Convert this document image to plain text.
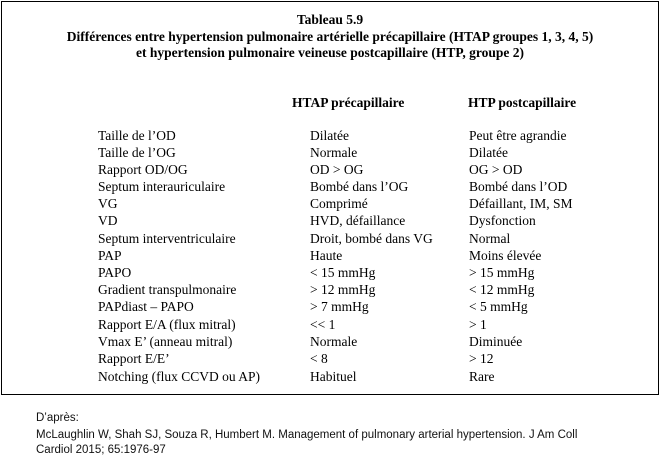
Tableau 5.9
Différences entre hypertension pulmonaire artérielle précapillaire (HTAP groupes 1, 3, 4, 5)
et hypertension pulmonaire veineuse postcapillaire (HTP, groupe 2)
HTAP précapillaire	HTP postcapillaire
Taille de l’OD	Dilatée	Peut être agrandie
Taille de l’OG	Normale	Dilatée
Rapport OD/OG	OD > OG	OG > OD
Septum interauriculaire	Bombé dans l’OG	Bombé dans l’OD
VG	Comprimé	Défaillant, IM, SM
VD	HVD, défaillance	Dysfonction
Septum interventriculaire	Droit, bombé dans VG	Normal
PAP	Haute	Moins élevée
PAPO	< 15 mmHg	> 15 mmHg
Gradient transpulmonaire	> 12 mmHg	< 12 mmHg
PAPdiast – PAPO	> 7 mmHg	< 5 mmHg
Rapport E/A (flux mitral)	<< 1	> 1
Vmax E’ (anneau mitral)	Normale	Diminuée
Rapport E/E’	< 8	> 12
Notching (flux CCVD ou AP)	Habituel	Rare
D’après:
McLaughlin W, Shah SJ, Souza R, Humbert M. Management of pulmonary arterial hypertension. J Am Coll
Cardiol 2015; 65:1976-97
